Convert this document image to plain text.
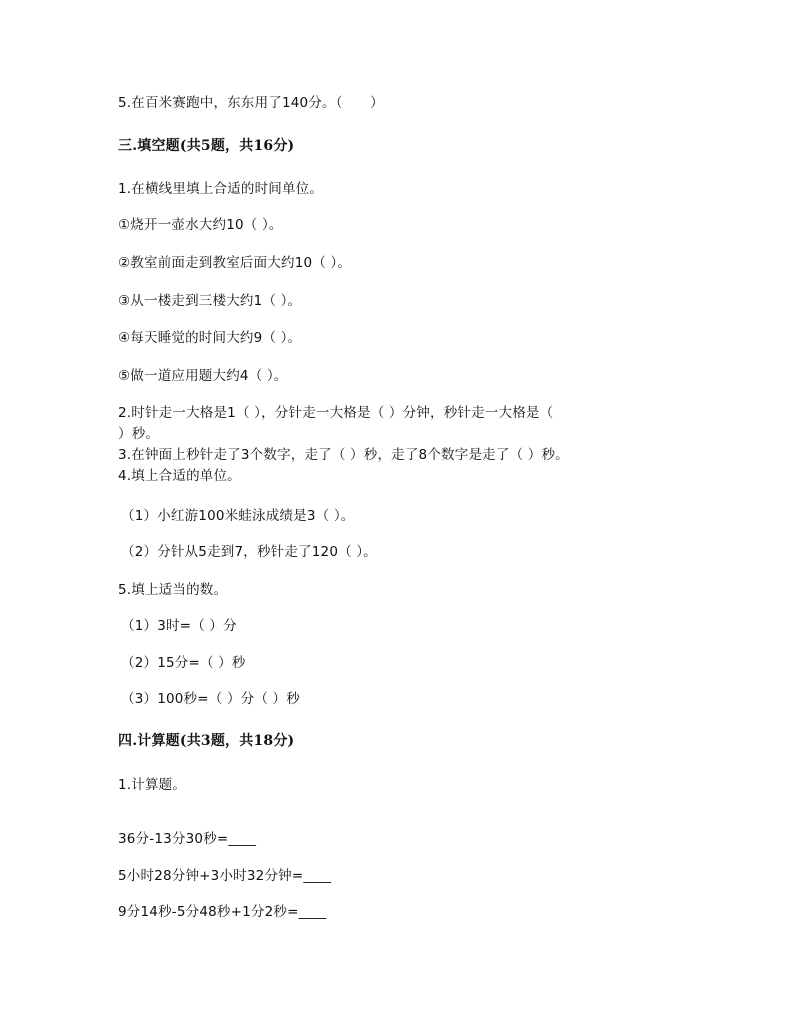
5.在百米赛跑中，东东用了140分。（　　）
三.填空题(共5题，共16分)
1.在横线里填上合适的时间单位。
①烧开一壶水大约10（ ）。
②教室前面走到教室后面大约10（ ）。
③从一楼走到三楼大约1（ ）。
④每天睡觉的时间大约9（ ）。
⑤做一道应用题大约4（ ）。
2.时针走一大格是1（ ），分针走一大格是（ ）分钟，秒针走一大格是（
）秒。
3.在钟面上秒针走了3个数字，走了（ ）秒，走了8个数字是走了（ ）秒。
4.填上合适的单位。
（1）小红游100米蛙泳成绩是3（ ）。
（2）分针从5走到7，秒针走了120（ ）。
5.填上适当的数。
（1）3时=（ ）分
（2）15分=（ ）秒
（3）100秒=（ ）分（ ）秒
四.计算题(共3题，共18分)
1.计算题。
36分-13分30秒=____
5小时28分钟+3小时32分钟=____
9分14秒-5分48秒+1分2秒=____
